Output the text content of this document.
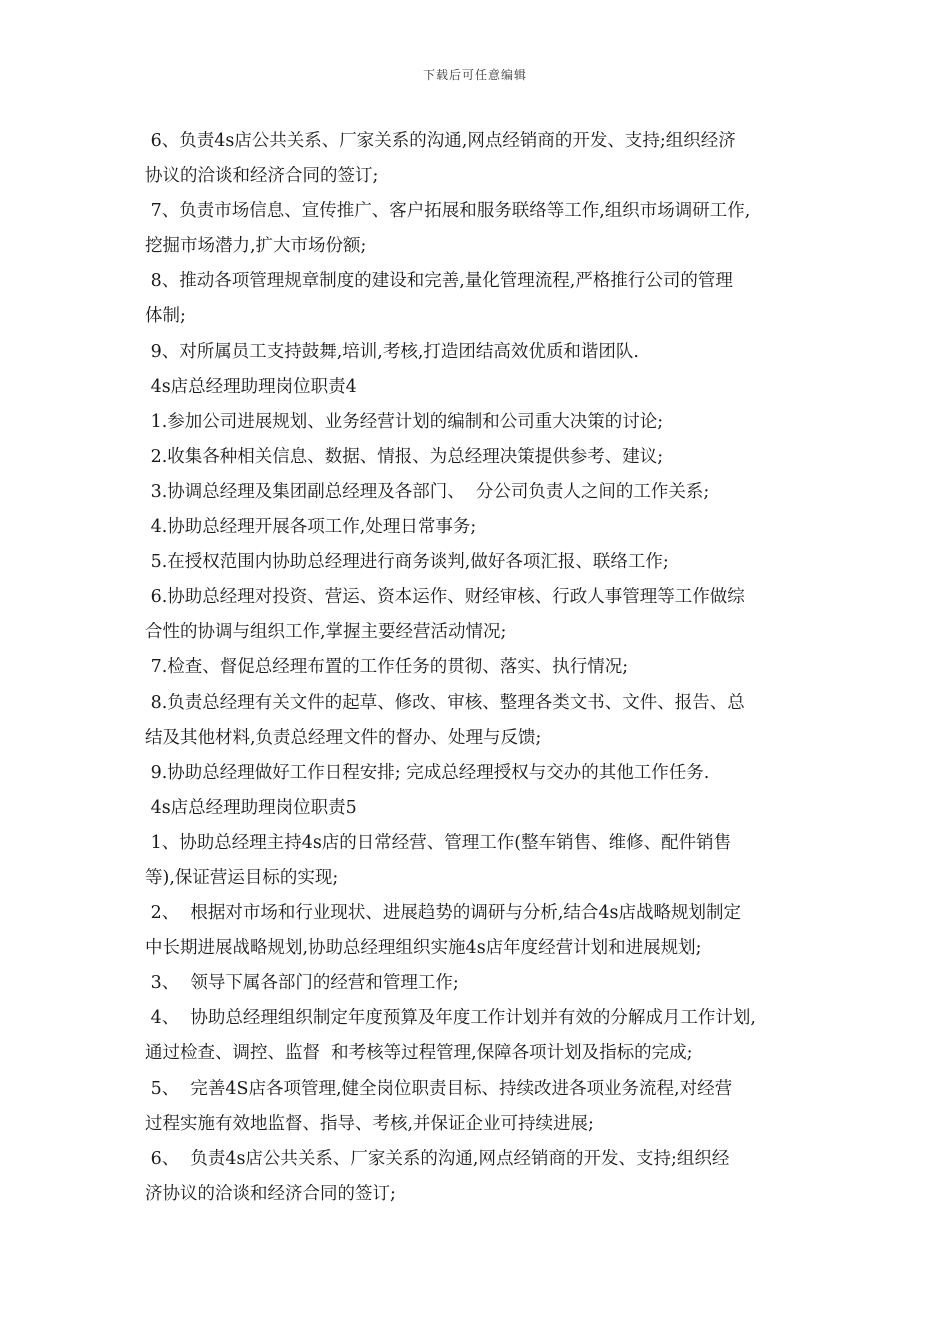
下载后可任意编辑
6、负责4s店公共关系、厂家关系的沟通,网点经销商的开发、支持;组织经济
协议的洽谈和经济合同的签订;
7、负责市场信息、宣传推广、客户拓展和服务联络等工作,组织市场调研工作,
挖掘市场潜力,扩大市场份额;
8、推动各项管理规章制度的建设和完善,量化管理流程,严格推行公司的管理
体制;
9、对所属员工支持鼓舞,培训,考核,打造团结高效优质和谐团队.
4s店总经理助理岗位职责4
1.参加公司进展规划、业务经营计划的编制和公司重大决策的讨论;
2.收集各种相关信息、数据、情报、为总经理决策提供参考、建议;
3.协调总经理及集团副总经理及各部门、  分公司负责人之间的工作关系;
4.协助总经理开展各项工作,处理日常事务;
5.在授权范围内协助总经理进行商务谈判,做好各项汇报、联络工作;
6.协助总经理对投资、营运、资本运作、财经审核、行政人事管理等工作做综
合性的协调与组织工作,掌握主要经营活动情况;
7.检查、督促总经理布置的工作任务的贯彻、落实、执行情况;
8.负责总经理有关文件的起草、修改、审核、整理各类文书、文件、报告、总
结及其他材料,负责总经理文件的督办、处理与反馈;
9.协助总经理做好工作日程安排; 完成总经理授权与交办的其他工作任务.
4s店总经理助理岗位职责5
1、协助总经理主持4s店的日常经营、管理工作(整车销售、维修、配件销售
等),保证营运目标的实现;
2、  根据对市场和行业现状、进展趋势的调研与分析,结合4s店战略规划制定
中长期进展战略规划,协助总经理组织实施4s店年度经营计划和进展规划;
3、  领导下属各部门的经营和管理工作;
4、  协助总经理组织制定年度预算及年度工作计划并有效的分解成月工作计划,
通过检查、调控、监督  和考核等过程管理,保障各项计划及指标的完成;
5、  完善4S店各项管理,健全岗位职责目标、持续改进各项业务流程,对经营
过程实施有效地监督、指导、考核,并保证企业可持续进展;
6、  负责4s店公共关系、厂家关系的沟通,网点经销商的开发、支持;组织经
济协议的洽谈和经济合同的签订;
